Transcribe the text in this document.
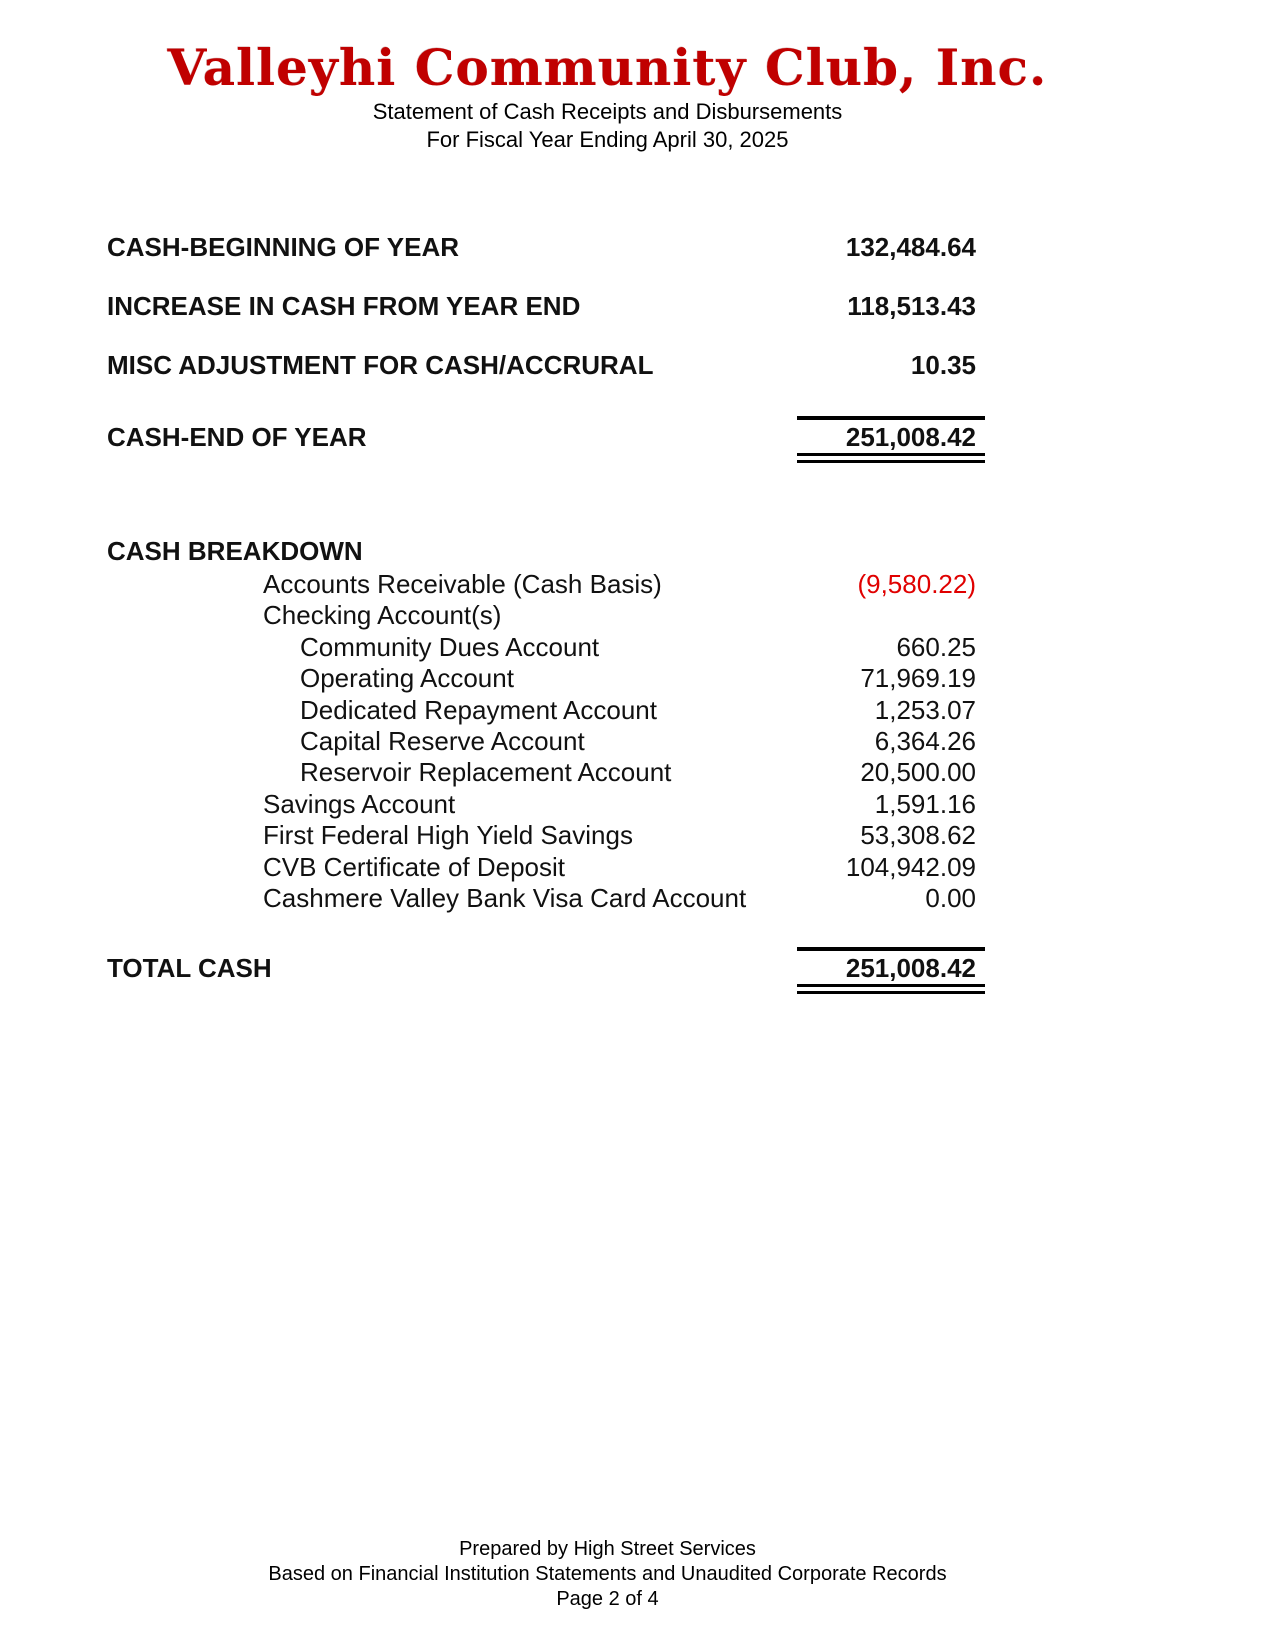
Valleyhi Community Club, Inc.
Statement of Cash Receipts and Disbursements
For Fiscal Year Ending April 30, 2025
CASH-BEGINNING OF YEAR	132,484.64
INCREASE IN CASH FROM YEAR END	118,513.43
MISC ADJUSTMENT FOR CASH/ACCRURAL	10.35
CASH-END OF YEAR	251,008.42
CASH BREAKDOWN
Accounts Receivable (Cash Basis)	(9,580.22)
Checking Account(s)
Community Dues Account	660.25
Operating Account	71,969.19
Dedicated Repayment Account	1,253.07
Capital Reserve Account	6,364.26
Reservoir Replacement Account	20,500.00
Savings Account	1,591.16
First Federal High Yield Savings	53,308.62
CVB Certificate of Deposit	104,942.09
Cashmere Valley Bank Visa Card Account	0.00
TOTAL CASH	251,008.42
Prepared by High Street Services
Based on Financial Institution Statements and Unaudited Corporate Records
Page 2 of 4
